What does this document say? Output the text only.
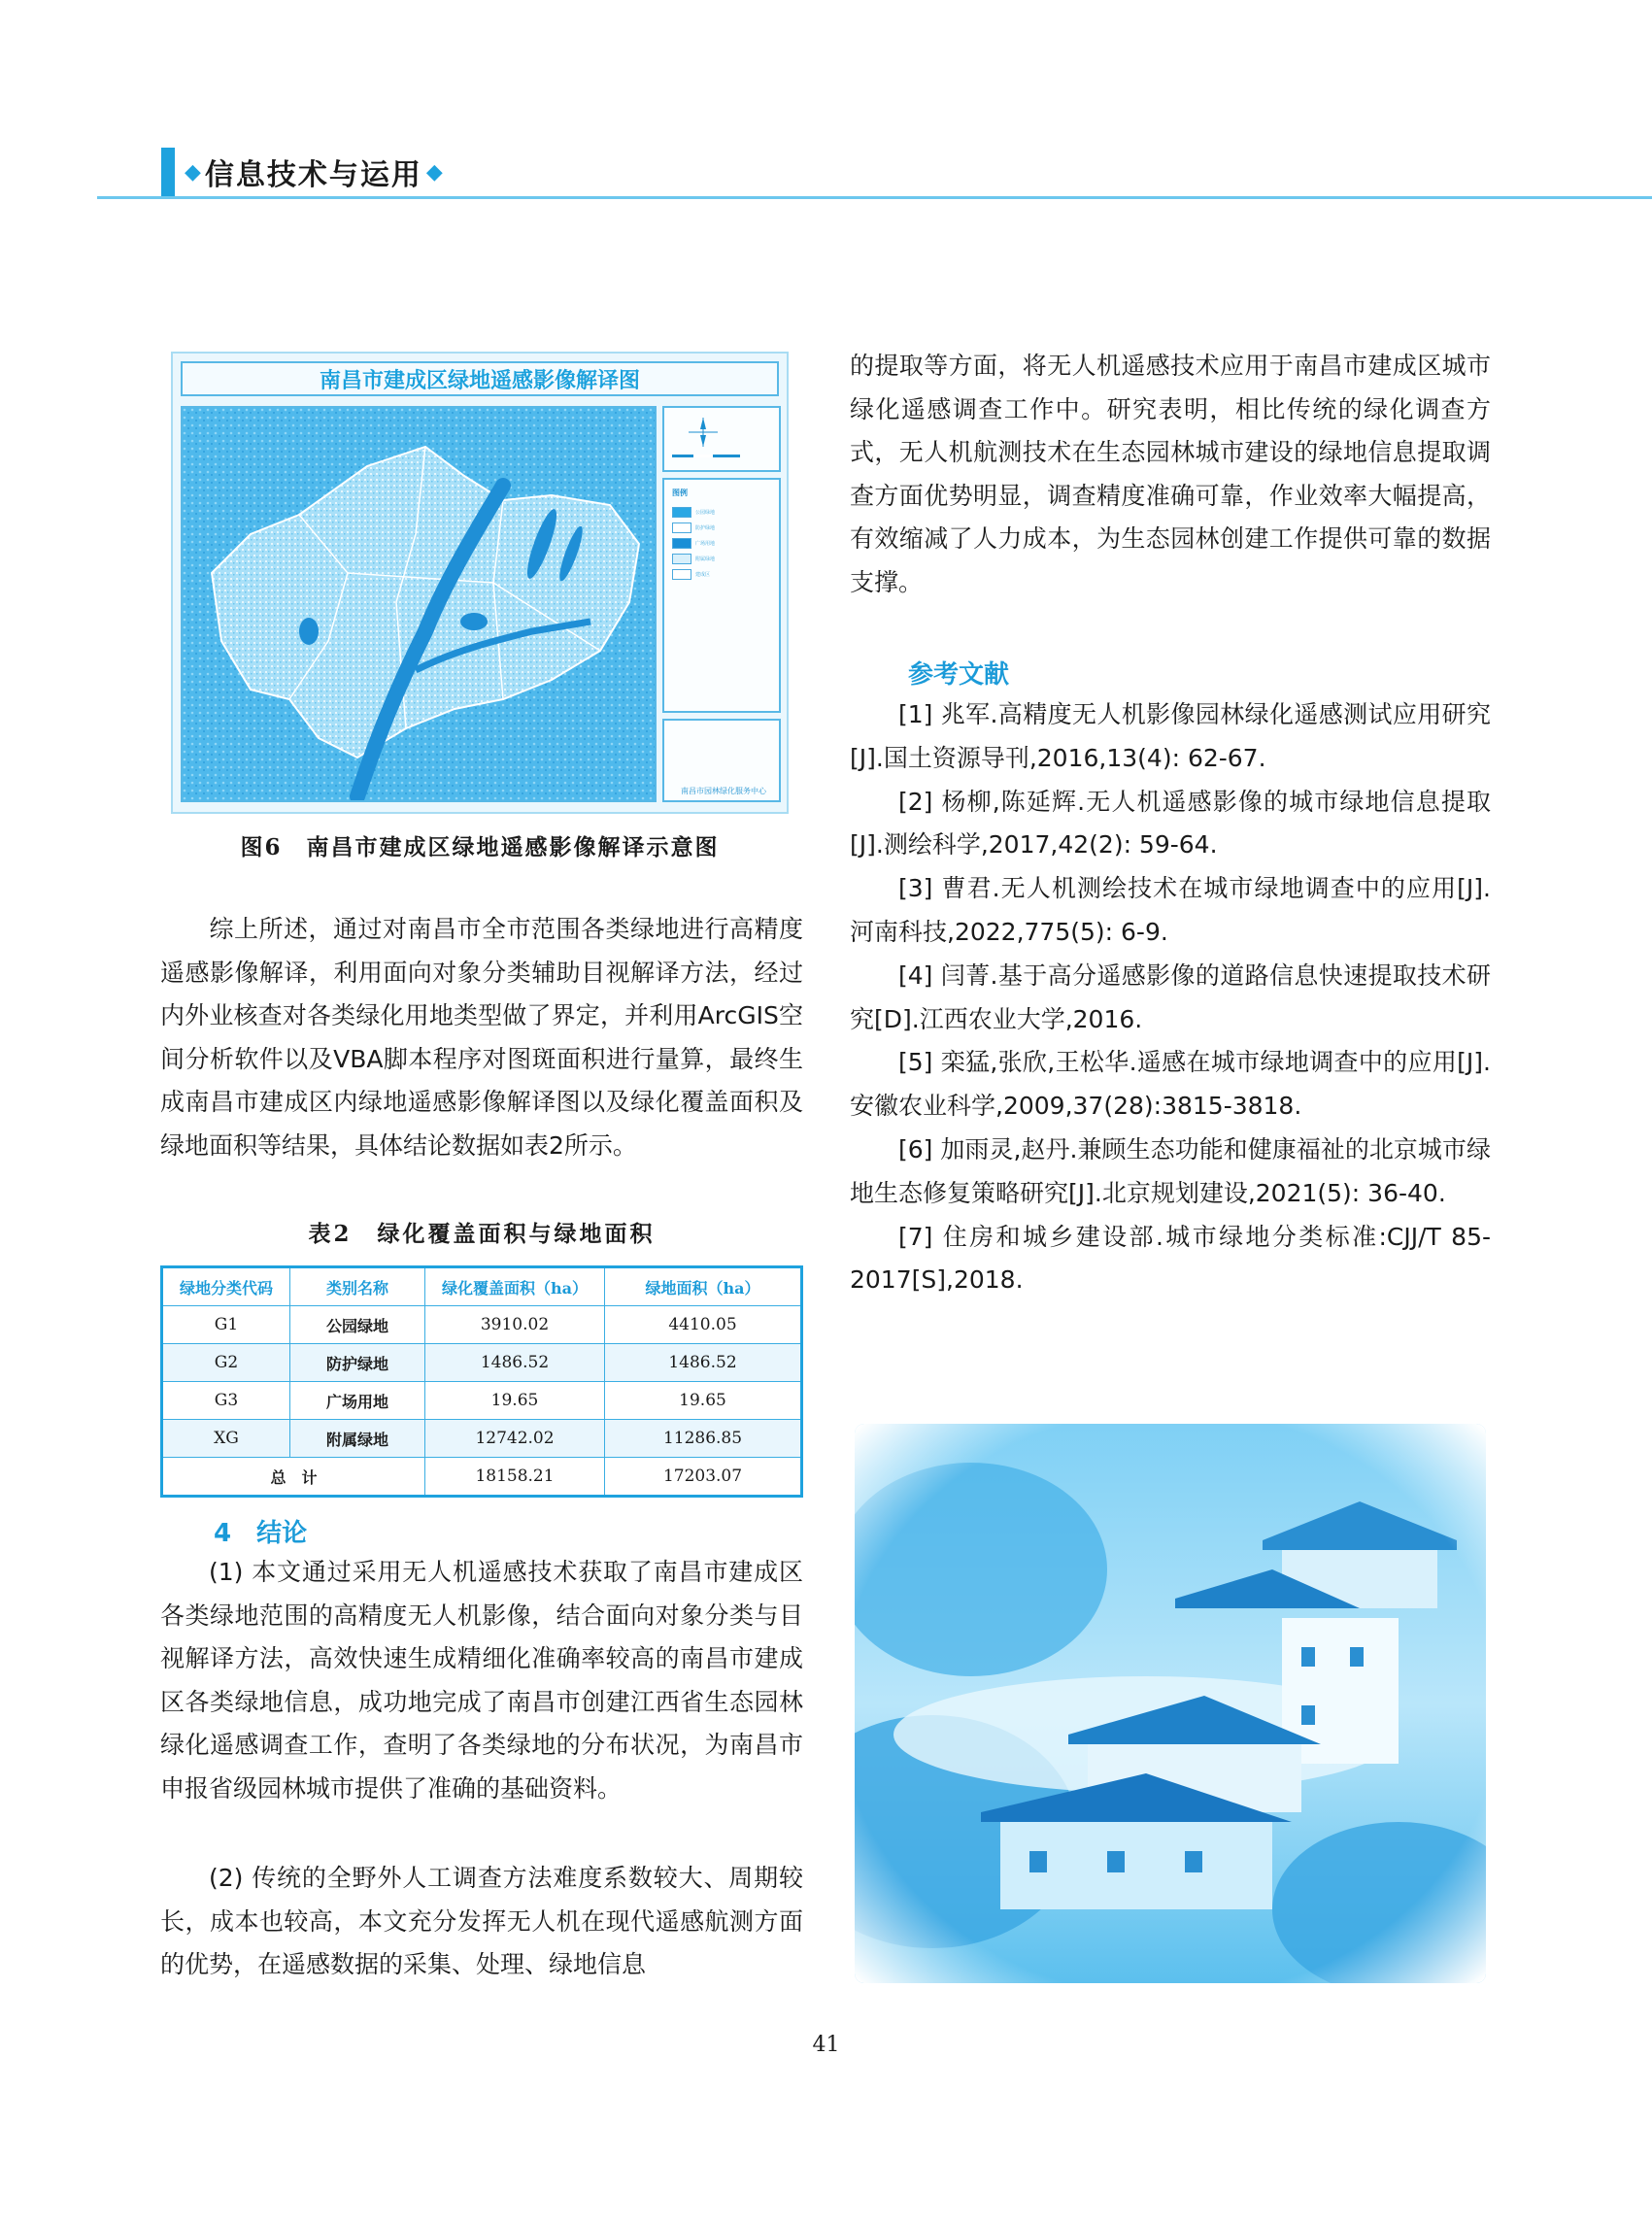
◆ 信息技术与运用 ◆
南昌市建成区绿地遥感影像解译图
图例
公园绿地
防护绿地
广场用地
附属绿地
建成区
南昌市园林绿化服务中心
图6　南昌市建成区绿地遥感影像解译示意图
综上所述，通过对南昌市全市范围各类绿地进行高精度遥感影像解译，利用面向对象分类辅助目视解译方法，经过内外业核查对各类绿化用地类型做了界定，并利用ArcGIS空间分析软件以及VBA脚本程序对图斑面积进行量算，最终生成南昌市建成区内绿地遥感影像解译图以及绿化覆盖面积及绿地面积等结果，具体结论数据如表2所示。
表2　绿化覆盖面积与绿地面积
绿地分类代码	类别名称	绿化覆盖面积（ha）	绿地面积（ha）
G1	公园绿地	3910.02	4410.05
G2	防护绿地	1486.52	1486.52
G3	广场用地	19.65	19.65
XG	附属绿地	12742.02	11286.85
总　计		18158.21	17203.07
4　结论
(1) 本文通过采用无人机遥感技术获取了南昌市建成区各类绿地范围的高精度无人机影像，结合面向对象分类与目视解译方法，高效快速生成精细化准确率较高的南昌市建成区各类绿地信息，成功地完成了南昌市创建江西省生态园林绿化遥感调查工作，查明了各类绿地的分布状况，为南昌市申报省级园林城市提供了准确的基础资料。
(2) 传统的全野外人工调查方法难度系数较大、周期较长，成本也较高，本文充分发挥无人机在现代遥感航测方面的优势，在遥感数据的采集、处理、绿地信息
的提取等方面，将无人机遥感技术应用于南昌市建成区城市绿化遥感调查工作中。研究表明，相比传统的绿化调查方式，无人机航测技术在生态园林城市建设的绿地信息提取调查方面优势明显，调查精度准确可靠，作业效率大幅提高，有效缩减了人力成本，为生态园林创建工作提供可靠的数据支撑。
参考文献
[1] 兆军.高精度无人机影像园林绿化遥感测试应用研究[J].国土资源导刊,2016,13(4): 62-67.
[2] 杨柳,陈延辉.无人机遥感影像的城市绿地信息提取[J].测绘科学,2017,42(2): 59-64.
[3] 曹君.无人机测绘技术在城市绿地调查中的应用[J].河南科技,2022,775(5): 6-9.
[4] 闫菁.基于高分遥感影像的道路信息快速提取技术研究[D].江西农业大学,2016.
[5] 栾猛,张欣,王松华.遥感在城市绿地调查中的应用[J].安徽农业科学,2009,37(28):3815-3818.
[6] 加雨灵,赵丹.兼顾生态功能和健康福祉的北京城市绿地生态修复策略研究[J].北京规划建设,2021(5): 36-40.
[7] 住房和城乡建设部.城市绿地分类标准:CJJ/T 85-2017[S],2018.
41
